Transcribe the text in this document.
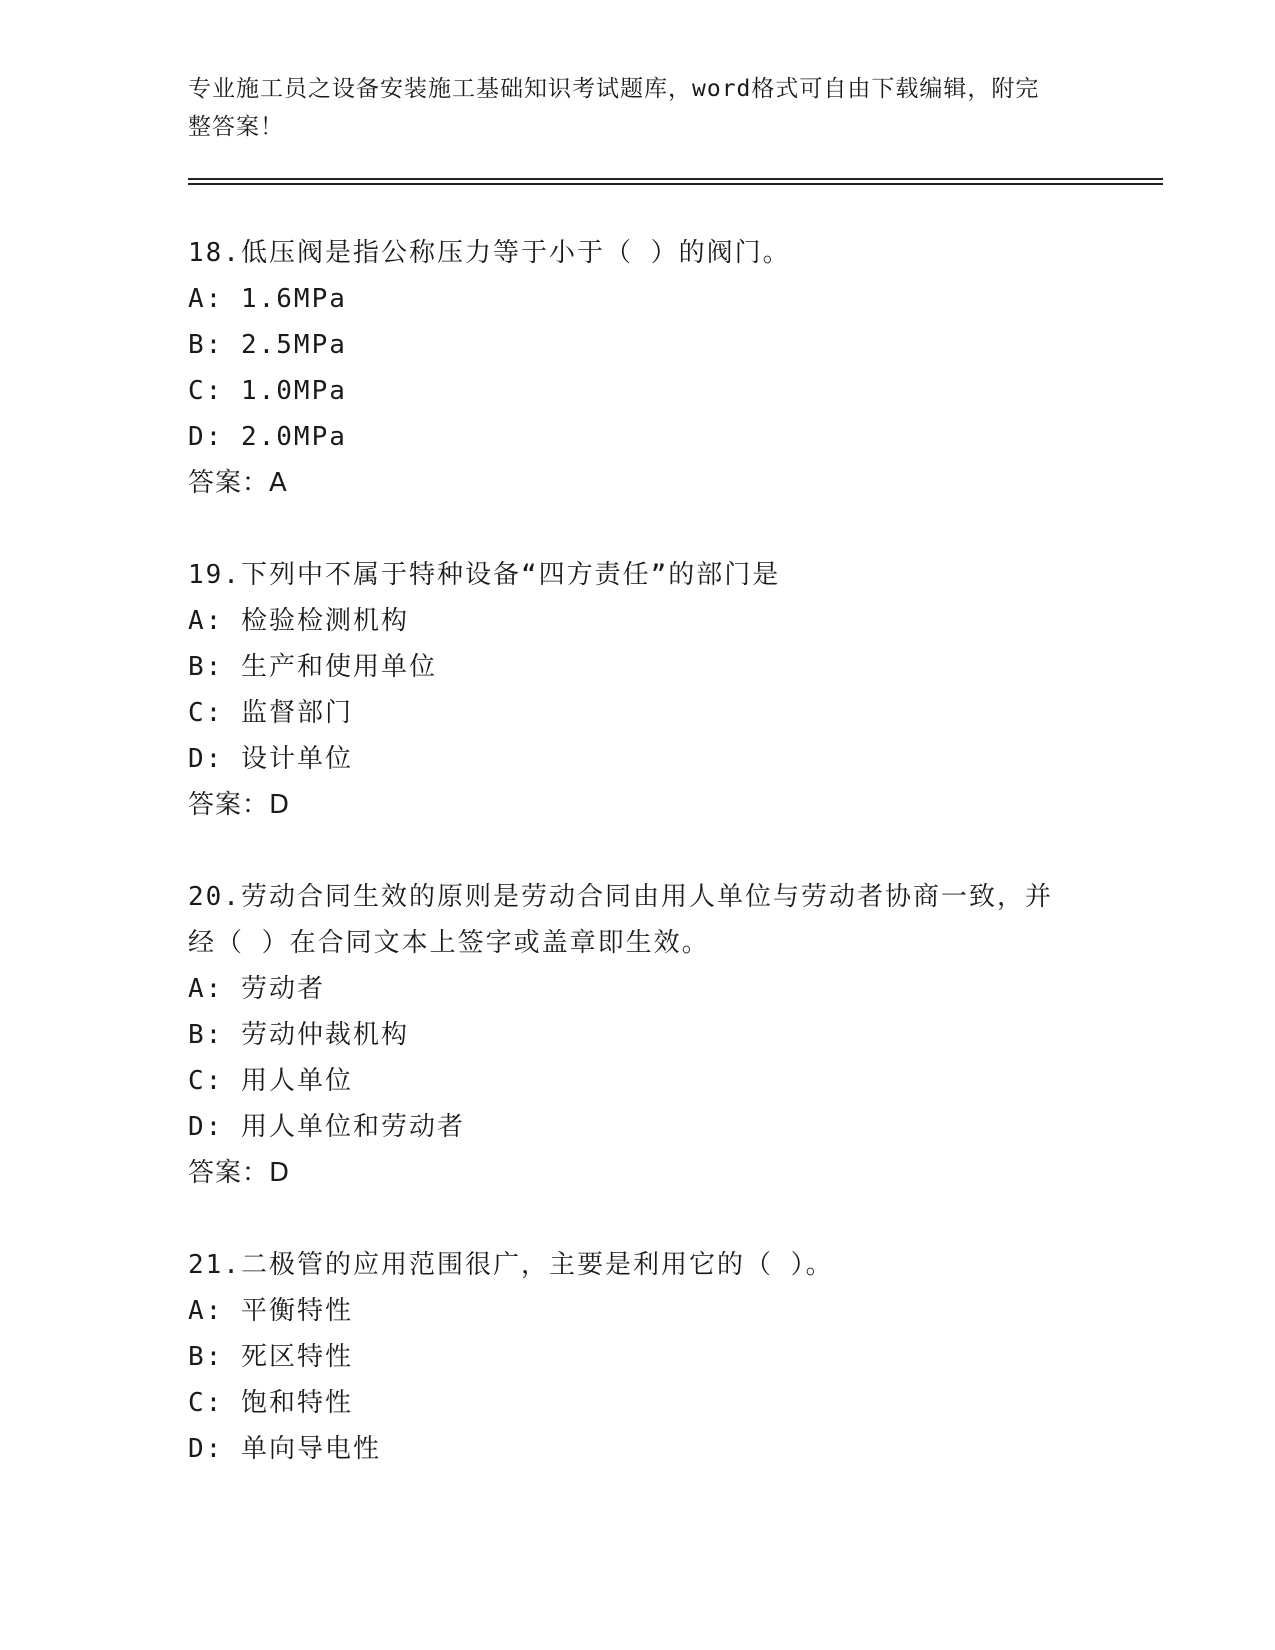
专业施工员之设备安装施工基础知识考试题库，word格式可自由下载编辑，附完
整答案！

18.低压阀是指公称压力等于小于（ ）的阀门。

A: 1.6MPa

B: 2.5MPa

C: 1.0MPa

D: 2.0MPa

答案：A

19.下列中不属于特种设备“四方责任”的部门是

A: 检验检测机构

B: 生产和使用单位

C: 监督部门

D: 设计单位

答案：D

20.劳动合同生效的原则是劳动合同由用人单位与劳动者协商一致，并

经（ ）在合同文本上签字或盖章即生效。

A: 劳动者

B: 劳动仲裁机构

C: 用人单位

D: 用人单位和劳动者

答案：D

21.二极管的应用范围很广，主要是利用它的（ ）。

A: 平衡特性

B: 死区特性

C: 饱和特性

D: 单向导电性
